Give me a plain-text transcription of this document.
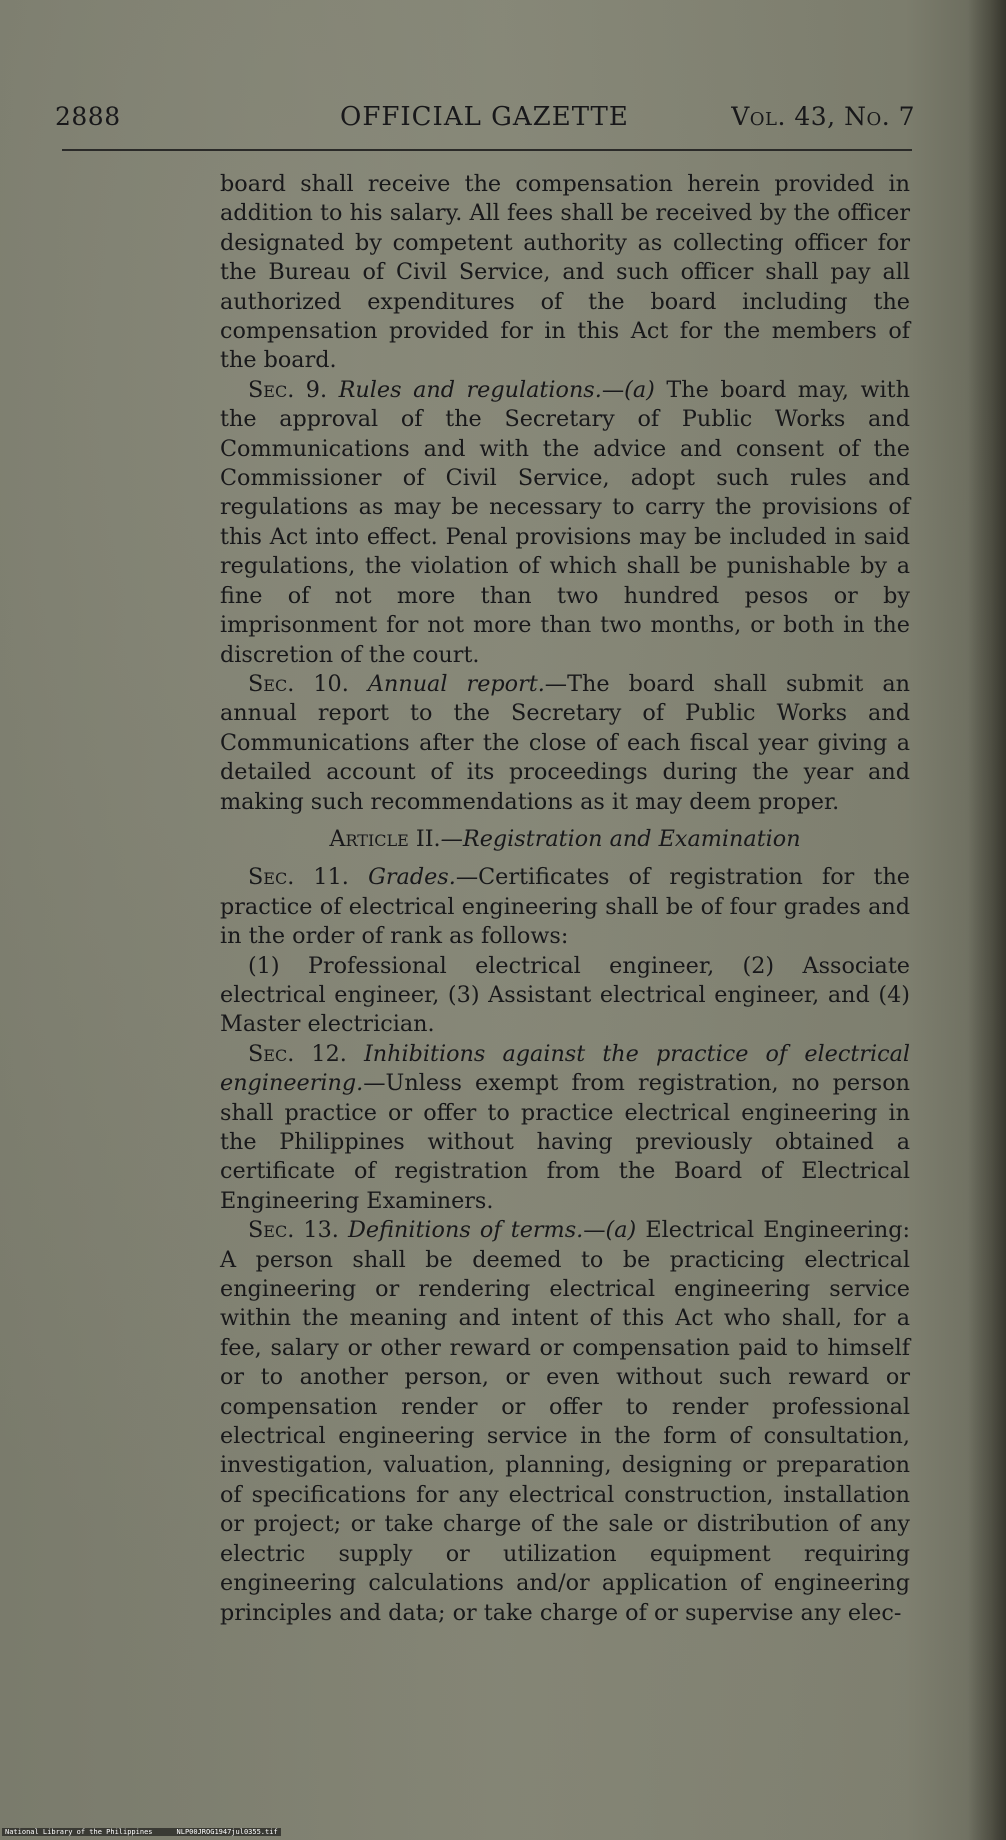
2888	OFFICIAL GAZETTE	Vol. 43, No. 7

board shall receive the compensation herein provided in addition to his salary. All fees shall be received by the officer designated by competent authority as collecting officer for the Bureau of Civil Service, and such officer shall pay all authorized expenditures of the board including the compensation provided for in this Act for the members of the board.

Sec. 9. Rules and regulations.—(a) The board may, with the approval of the Secretary of Public Works and Communications and with the advice and consent of the Commissioner of Civil Service, adopt such rules and regulations as may be necessary to carry the provisions of this Act into effect. Penal provisions may be included in said regulations, the violation of which shall be punishable by a fine of not more than two hundred pesos or by imprisonment for not more than two months, or both in the discretion of the court.

Sec. 10. Annual report.—The board shall submit an annual report to the Secretary of Public Works and Communications after the close of each fiscal year giving a detailed account of its proceedings during the year and making such recommendations as it may deem proper.

Article II.—Registration and Examination

Sec. 11. Grades.—Certificates of registration for the practice of electrical engineering shall be of four grades and in the order of rank as follows:

(1) Professional electrical engineer, (2) Associate electrical engineer, (3) Assistant electrical engineer, and (4) Master electrician.

Sec. 12. Inhibitions against the practice of electrical engineering.—Unless exempt from registration, no person shall practice or offer to practice electrical engineering in the Philippines without having previously obtained a certificate of registration from the Board of Electrical Engineering Examiners.

Sec. 13. Definitions of terms.—(a) Electrical Engineering: A person shall be deemed to be practicing electrical engineering or rendering electrical engineering service within the meaning and intent of this Act who shall, for a fee, salary or other reward or compensation paid to himself or to another person, or even without such reward or compensation render or offer to render professional electrical engineering service in the form of consultation, investigation, valuation, planning, designing or preparation of specifications for any electrical construction, installation or project; or take charge of the sale or distribution of any electric supply or utilization equipment requiring engineering calculations and/or application of engineering principles and data; or take charge of or supervise any elec-

National Library of the Philippines	NLP00JROG1947jul0355.tif
